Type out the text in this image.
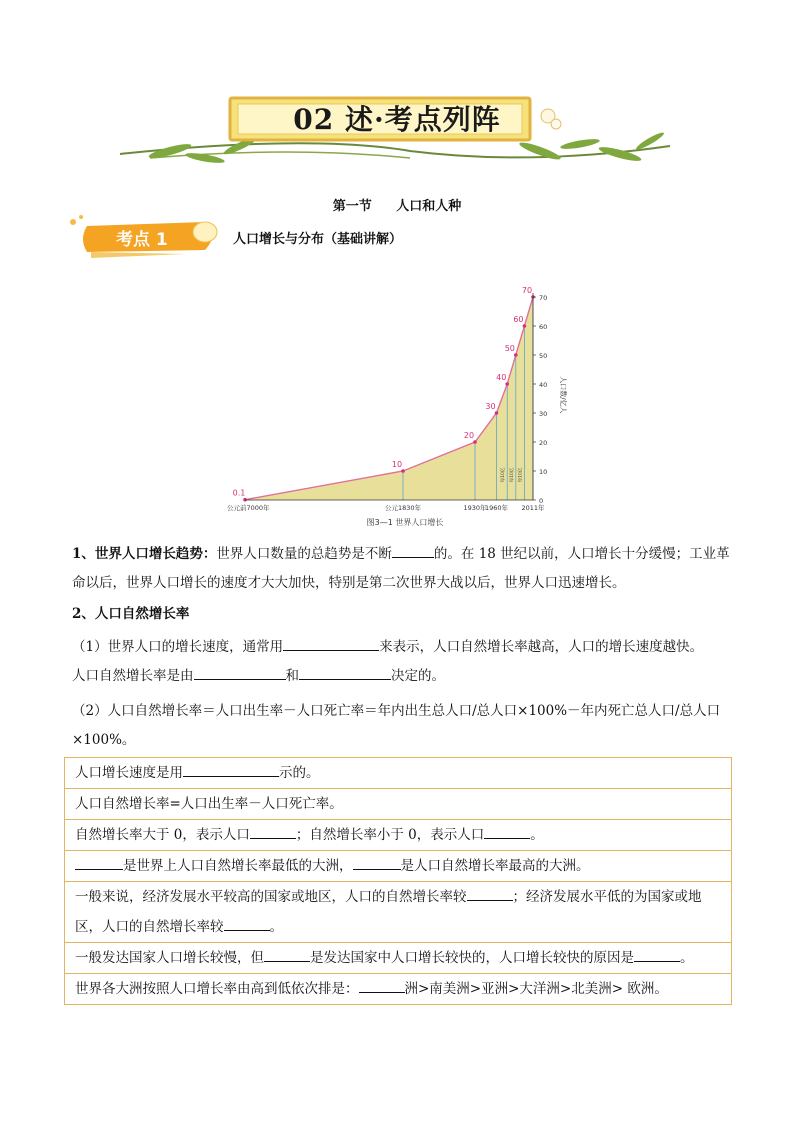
02 述·考点列阵
第一节 人口和人种
考点 1	人口增长与分布（基础讲解）
0.1
10
20
30
40
50
60
70
0
10
20
30
40
50
60
70
人口数/亿人
公元前7000年	公元1830年	1930年
1960年 2011年
每10亿 每10亿 每10亿
图3—1 世界人口增长
1、世界人口增长趋势：世界人口数量的总趋势是不断	的。在 18 世纪以前，人口增长十分缓慢；工业革命以后，世界人口增长的速度才大大加快，特别是第二次世界大战以后，世界人口迅速增长。
2、人口自然增长率
（1）世界人口的增长速度，通常用	来表示，人口自然增长率越高，人口的增长速度越快。
人口自然增长率是由	和	决定的。
（2）人口自然增长率＝人口出生率－人口死亡率＝年内出生总人口/总人口×100%－年内死亡总人口/总人口×100%。
人口增长速度是用	示的。
人口自然增长率=人口出生率－人口死亡率。
自然增长率大于 0，表示人口	；自然增长率小于 0，表示人口	。
是世界上人口自然增长率最低的大洲，	是人口自然增长率最高的大洲。
一般来说，经济发展水平较高的国家或地区，人口的自然增长率较	；经济发展水平低的为国家或地区，人口的自然增长率较	。
一般发达国家人口增长较慢，但	是发达国家中人口增长较快的，人口增长较快的原因是	。
世界各大洲按照人口增长率由高到低依次排是：	洲>南美洲>亚洲>大洋洲>北美洲> 欧洲。
